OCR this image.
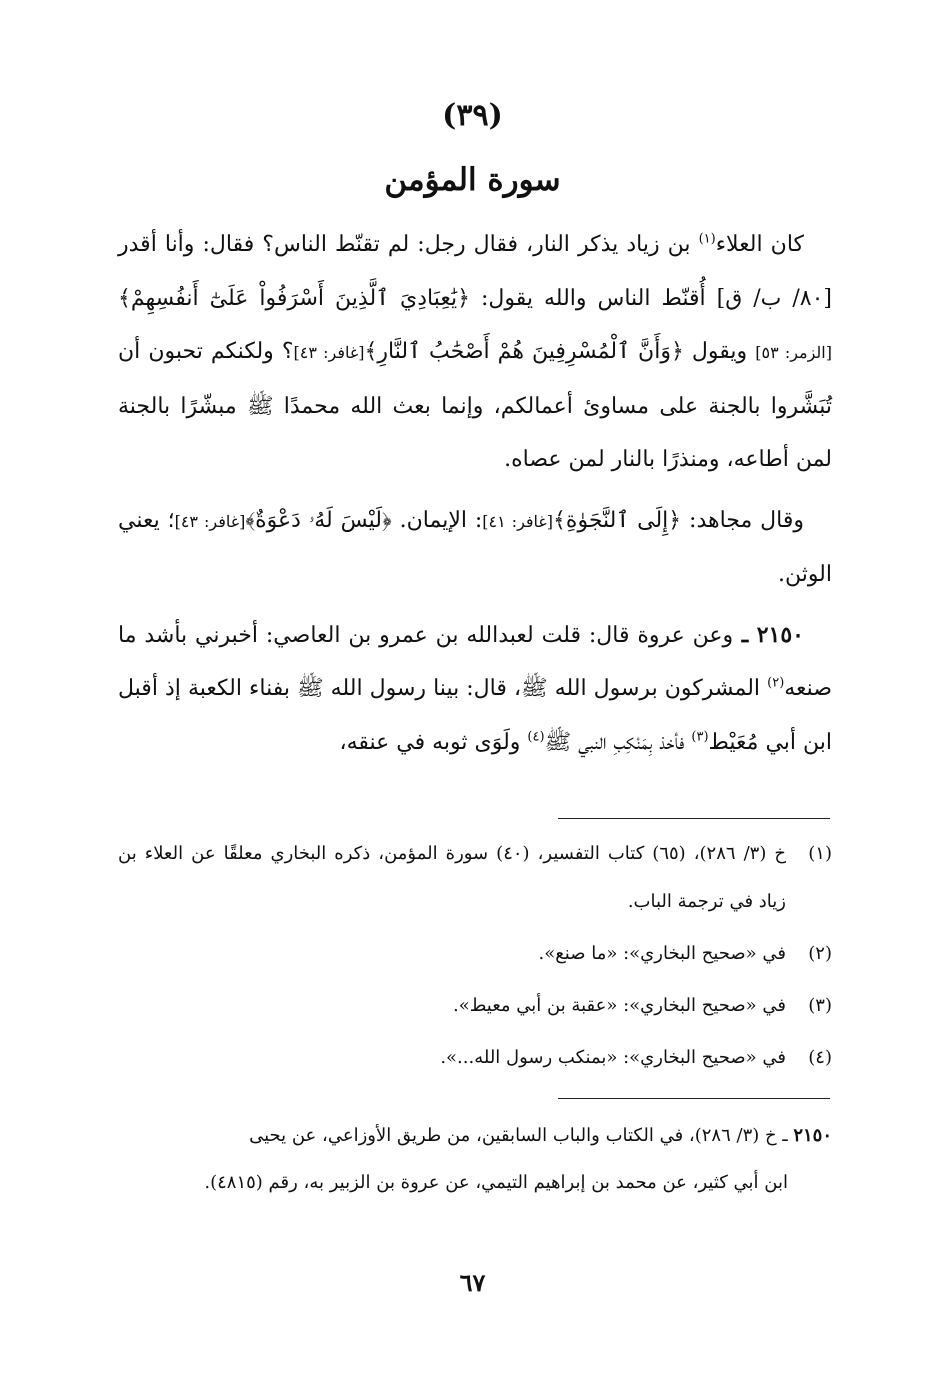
(٣٩)
سورة المؤمن

كان العلاء$^{(١)}$ بن زياد يذكر النار، فقال رجل: لم تقنّط الناس؟ فقال: وأنا أقدر [٨٠/ ب/ ق] أُقنّط الناس والله يقول: ﴿يَٰعِبَادِيَ ٱلَّذِينَ أَسْرَفُواْ عَلَىٰٓ أَنفُسِهِمْ﴾[الزمر: ٥٣] ويقول ﴿وَأَنَّ ٱلْمُسْرِفِينَ هُمْ أَصْحَٰبُ ٱلنَّارِ﴾[غافر: ٤٣]؟ ولكنكم تحبون أن تُبَشَّروا بالجنة على مساوئ أعمالكم، وإنما بعث الله محمدًا ﷺ مبشّرًا بالجنة لمن أطاعه، ومنذرًا بالنار لمن عصاه.

وقال مجاهد: ﴿إِلَى ٱلنَّجَوٰةِ﴾[غافر: ٤١]: الإيمان. ﴿لَيْسَ لَهُۥ دَعْوَةٌ﴾[غافر: ٤٣]؛ يعني الوثن.

٢١٥٠ ـ وعن عروة قال: قلت لعبدالله بن عمرو بن العاصي: أخبرني بأشد ما صنعه$^{(٢)}$ المشركون برسول الله ﷺ، قال: بينا رسول الله ﷺ بفناء الكعبة إذ أقبل ابن أبي مُعَيْط$^{(٣)}$ فأخذ بِمَنْكِبِ النبي ﷺ$^{(٤)}$ ولَوَى ثوبه في عنقه،

(١)
خ (٣/ ٢٨٦)، (٦٥) كتاب التفسير، (٤٠) سورة المؤمن، ذكره البخاري معلقًا عن العلاء بن زياد في ترجمة الباب.
(٢)
في «صحيح البخاري»: «ما صنع».
(٣)
في «صحيح البخاري»: «عقبة بن أبي معيط».
(٤)
في «صحيح البخاري»: «بمنكب رسول الله...».
٢١٥٠ ـ خ (٣/ ٢٨٦)، في الكتاب والباب السابقين، من طريق الأوزاعي، عن يحيى
ابن أبي كثير، عن محمد بن إبراهيم التيمي، عن عروة بن الزبير به، رقم (٤٨١٥).
٦٧
